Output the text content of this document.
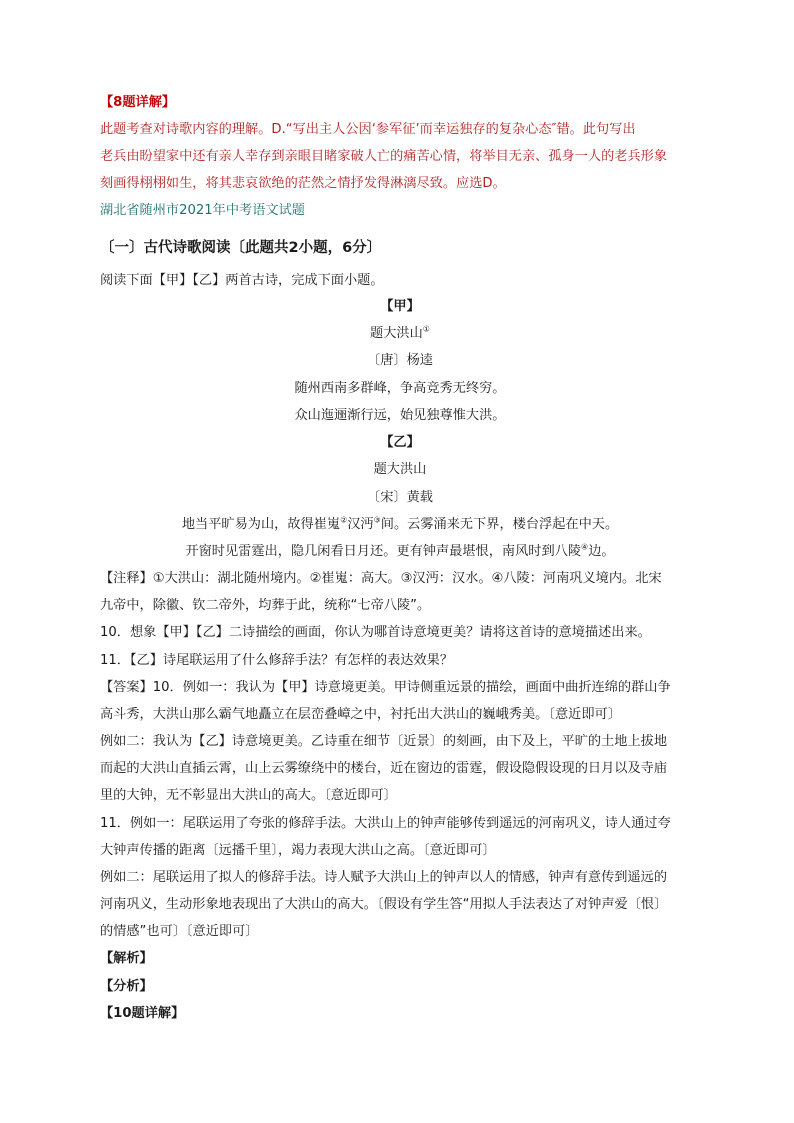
【8题详解】
此题考查对诗歌内容的理解。D.“写出主人公因‘参军征’而幸运独存的复杂心态″错。此句写出
老兵由盼望家中还有亲人幸存到亲眼目睹家破人亡的痛苦心情，将举目无亲、孤身一人的老兵形象
刻画得栩栩如生，将其悲哀欲绝的茫然之情抒发得淋漓尽致。应选D。
湖北省随州市2021年中考语文试题
〔一〕古代诗歌阅读〔此题共2小题，6分〕
阅读下面【甲】【乙】两首古诗，完成下面小题。
【甲】
题大洪山①
〔唐〕杨逵
随州西南多群峰，争高竞秀无终穷。
众山迤逦渐行远，始见独尊惟大洪。
【乙】
题大洪山
〔宋〕黄载
地当平旷易为山，故得崔嵬②汉沔③间。云雾涌来无下界，楼台浮起在中天。
开窗时见雷霆出，隐几闲看日月还。更有钟声最堪恨，南风时到八陵④边。
【注释】①大洪山：湖北随州境内。②崔嵬：高大。③汉沔：汉水。④八陵：河南巩义境内。北宋
九帝中，除徽、钦二帝外，均葬于此，统称“七帝八陵”。
10．想象【甲】【乙】二诗描绘的画面，你认为哪首诗意境更美？请将这首诗的意境描述出来。
11．【乙】诗尾联运用了什么修辞手法？有怎样的表达效果？
【答案】10．例如一：我认为【甲】诗意境更美。甲诗侧重远景的描绘，画面中曲折连绵的群山争
高斗秀，大洪山那么霸气地矗立在层峦叠嶂之中，衬托出大洪山的巍峨秀美。〔意近即可〕
例如二：我认为【乙】诗意境更美。乙诗重在细节〔近景〕的刻画，由下及上，平旷的土地上拔地
而起的大洪山直插云霄，山上云雾缭绕中的楼台，近在窗边的雷霆，假设隐假设现的日月以及寺庙
里的大钟，无不彰显出大洪山的高大。〔意近即可〕
11．例如一：尾联运用了夸张的修辞手法。大洪山上的钟声能够传到遥远的河南巩义，诗人通过夸
大钟声传播的距离〔远播千里〕，竭力表现大洪山之高。〔意近即可〕
例如二：尾联运用了拟人的修辞手法。诗人赋予大洪山上的钟声以人的情感，钟声有意传到遥远的
河南巩义，生动形象地表现出了大洪山的高大。〔假设有学生答“用拟人手法表达了对钟声爱〔恨〕
的情感”也可〕〔意近即可〕
【解析】
【分析】
【10题详解】
